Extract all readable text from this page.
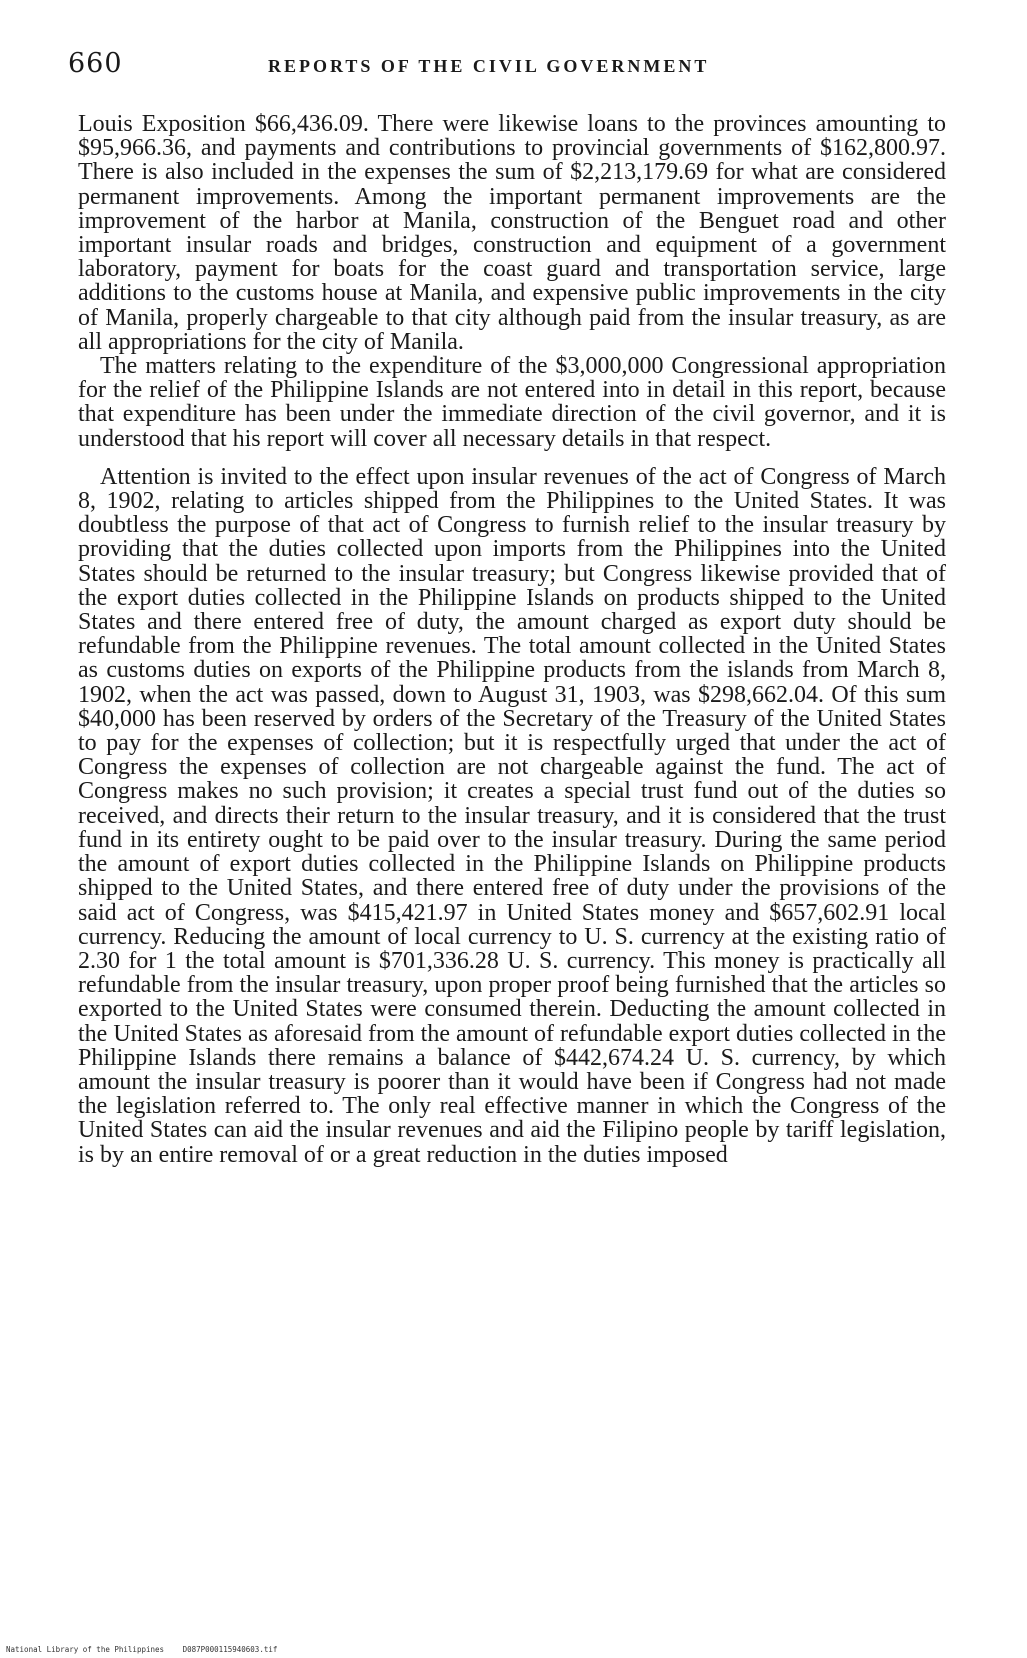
660	REPORTS OF THE CIVIL GOVERNMENT

Louis Exposition $66,436.09. There were likewise loans to the provinces amounting to $95,966.36, and payments and contributions to provincial governments of $162,800.97. There is also included in the expenses the sum of $2,213,179.69 for what are considered permanent improvements. Among the important permanent improvements are the improvement of the harbor at Manila, construction of the Benguet road and other important insular roads and bridges, construction and equipment of a government laboratory, payment for boats for the coast guard and transportation service, large additions to the customs house at Manila, and expensive public improvements in the city of Manila, properly chargeable to that city although paid from the insular treasury, as are all appropriations for the city of Manila.

The matters relating to the expenditure of the $3,000,000 Congressional appropriation for the relief of the Philippine Islands are not entered into in detail in this report, because that expenditure has been under the immediate direction of the civil governor, and it is understood that his report will cover all necessary details in that respect.

Attention is invited to the effect upon insular revenues of the act of Congress of March 8, 1902, relating to articles shipped from the Philippines to the United States. It was doubtless the purpose of that act of Congress to furnish relief to the insular treasury by providing that the duties collected upon imports from the Philippines into the United States should be returned to the insular treasury; but Congress likewise provided that of the export duties collected in the Philippine Islands on products shipped to the United States and there entered free of duty, the amount charged as export duty should be refundable from the Philippine revenues. The total amount collected in the United States as customs duties on exports of the Philippine products from the islands from March 8, 1902, when the act was passed, down to August 31, 1903, was $298,662.04. Of this sum $40,000 has been reserved by orders of the Secretary of the Treasury of the United States to pay for the expenses of collection; but it is respectfully urged that under the act of Congress the expenses of collection are not chargeable against the fund. The act of Congress makes no such provision; it creates a special trust fund out of the duties so received, and directs their return to the insular treasury, and it is considered that the trust fund in its entirety ought to be paid over to the insular treasury. During the same period the amount of export duties collected in the Philippine Islands on Philippine products shipped to the United States, and there entered free of duty under the provisions of the said act of Congress, was $415,421.97 in United States money and $657,602.91 local currency. Reducing the amount of local currency to U. S. currency at the existing ratio of 2.30 for 1 the total amount is $701,336.28 U. S. currency. This money is practically all refundable from the insular treasury, upon proper proof being furnished that the articles so exported to the United States were consumed therein. Deducting the amount collected in the United States as aforesaid from the amount of refundable export duties collected in the Philippine Islands there remains a balance of $442,674.24 U. S. currency, by which amount the insular treasury is poorer than it would have been if Congress had not made the legislation referred to. The only real effective manner in which the Congress of the United States can aid the insular revenues and aid the Filipino people by tariff legislation, is by an entire removal of or a great reduction in the duties imposed

National Library of the Philippines D087P000115940603.tif
